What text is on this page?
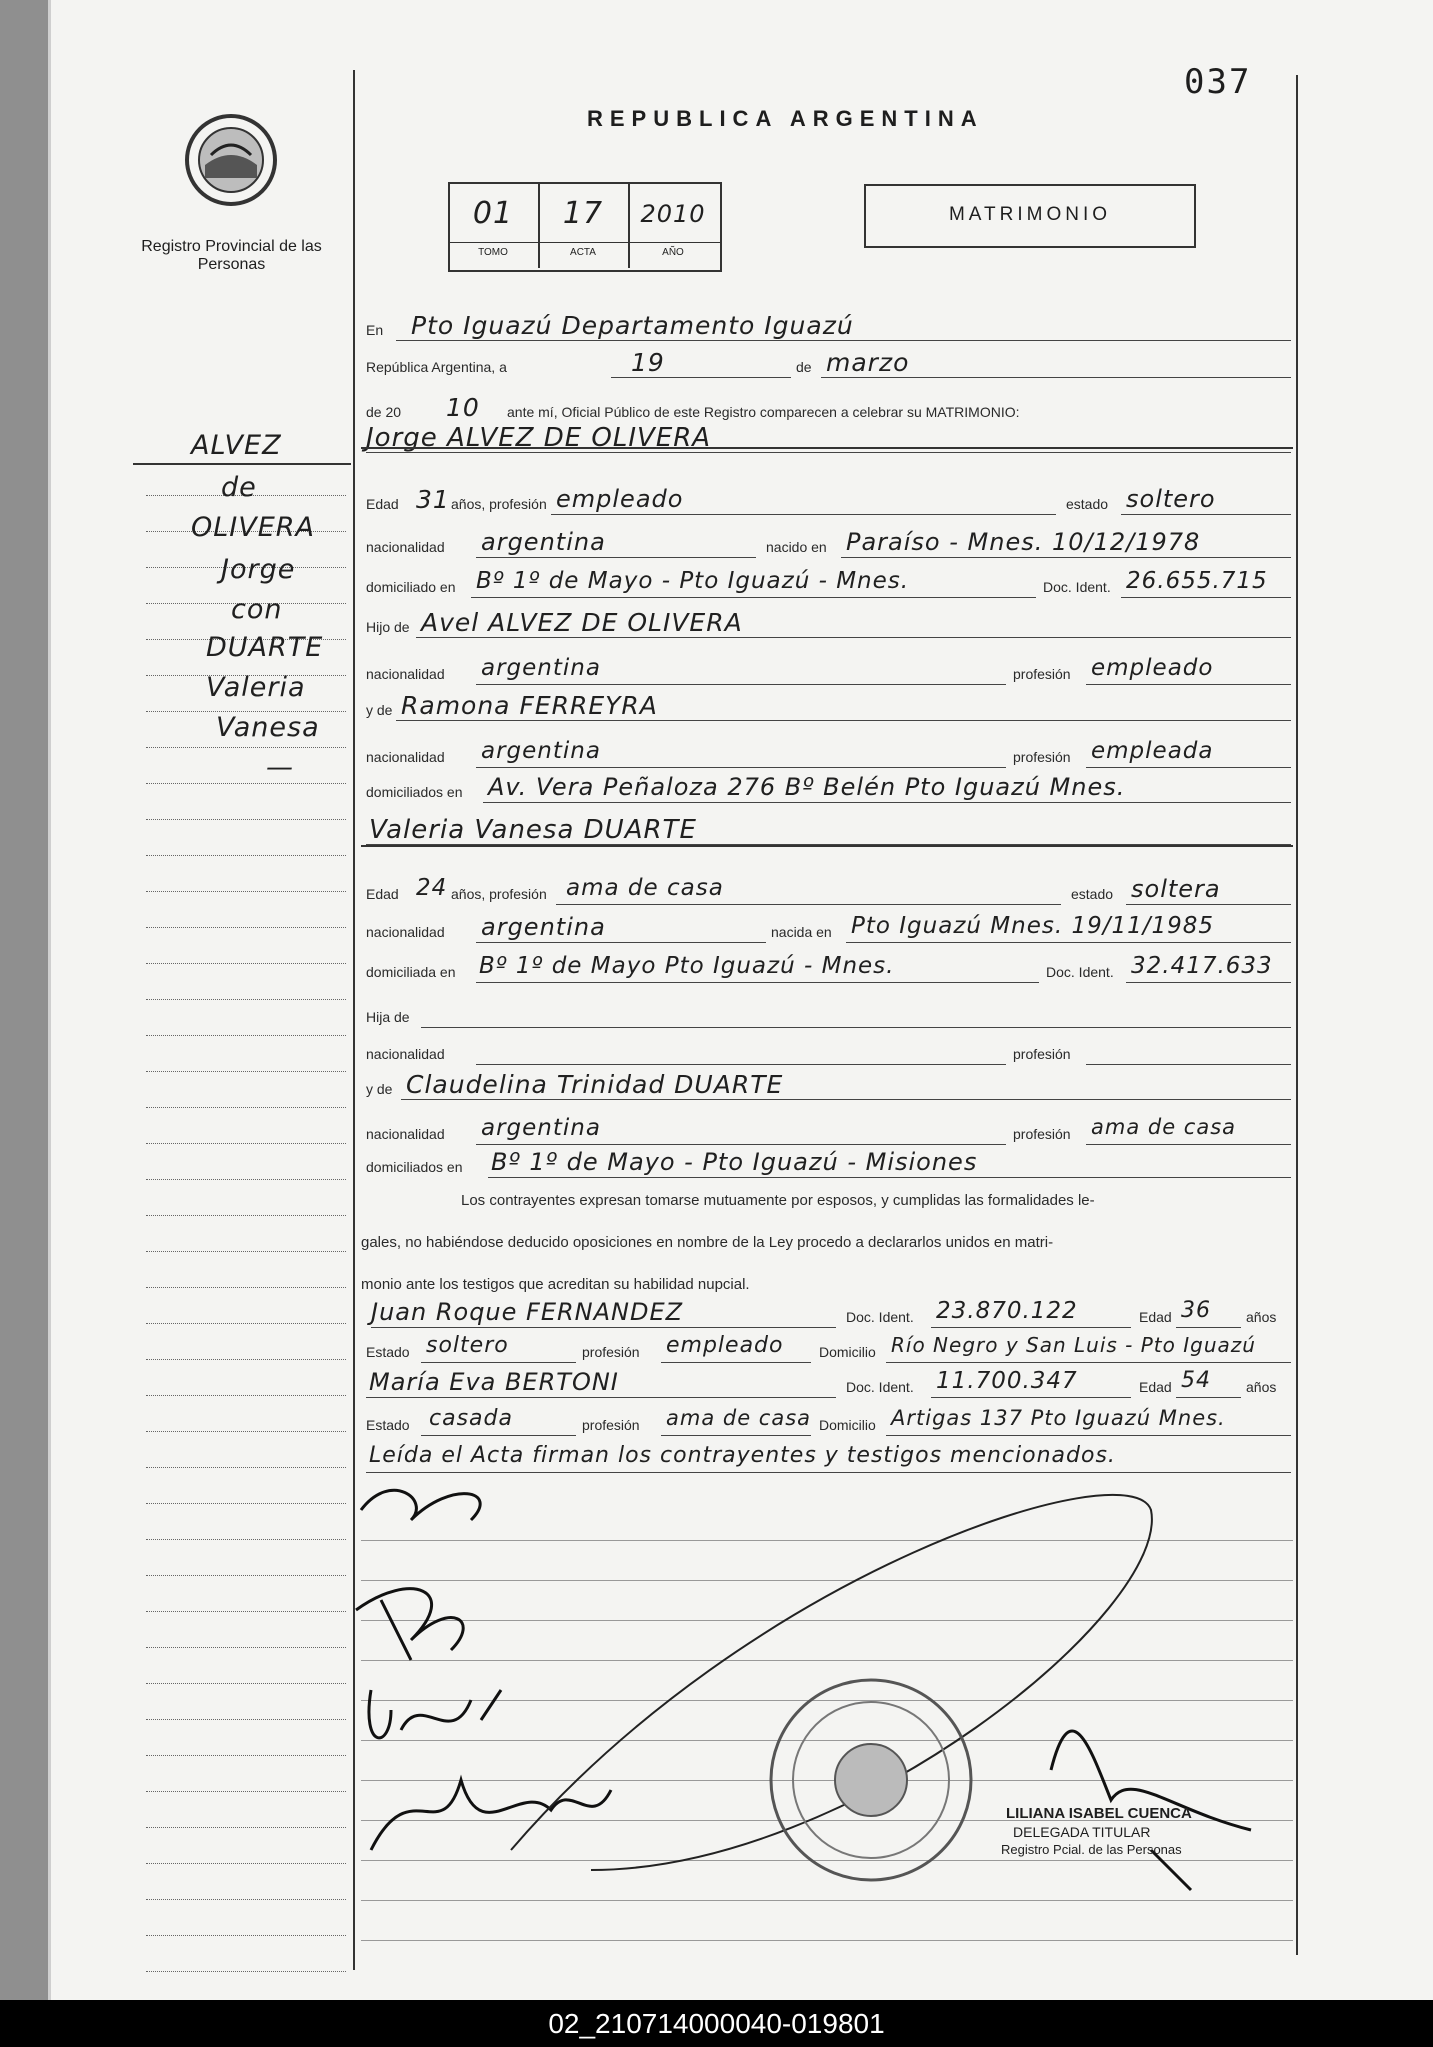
Registro Provincial de las Personas
037
REPUBLICA ARGENTINA
01	17	2010
TOMO	ACTA	AÑO
MATRIMONIO
ALVEZ
de
OLIVERA
Jorge
con
DUARTE
Valeria
Vanesa
—
En Pto Iguazú Departamento Iguazú
República Argentina, a	19	de marzo
de 20 10 ante mí, Oficial Público de este Registro comparecen a celebrar su MATRIMONIO:
Jorge ALVEZ DE OLIVERA
Edad 31 años, profesión empleado	estado soltero
nacionalidad argentina	nacido en Paraíso - Mnes. 10/12/1978
domiciliado en Bº 1º de Mayo - Pto Iguazú - Mnes.	Doc. Ident. 26.655.715
Hijo de Avel ALVEZ DE OLIVERA
nacionalidad argentina	profesión empleado
y de Ramona FERREYRA
nacionalidad argentina	profesión empleada
domiciliados en Av. Vera Peñaloza 276 Bº Belén Pto Iguazú Mnes.
Valeria Vanesa DUARTE
Edad 24 años, profesión ama de casa	estado soltera
nacionalidad argentina	nacida en Pto Iguazú Mnes. 19/11/1985
domiciliada en Bº 1º de Mayo Pto Iguazú - Mnes.	Doc. Ident. 32.417.633
Hija de
nacionalidad	profesión
y de Claudelina Trinidad DUARTE
nacionalidad argentina	profesión ama de casa
domiciliados en Bº 1º de Mayo - Pto Iguazú - Misiones
Juan Roque FERNANDEZ	Doc. Ident. 23.870.122	Edad 36	años
Estado soltero	profesión empleado	Domicilio Río Negro y San Luis - Pto Iguazú
María Eva BERTONI	Doc. Ident. 11.700.347	Edad 54	años
Estado casada	profesión ama de casa Domicilio Artigas 137 Pto Iguazú Mnes.
Leída el Acta firman los contrayentes y testigos mencionados.
Los contrayentes expresan tomarse mutuamente por esposos, y cumplidas las formalidades le-
gales, no habiéndose deducido oposiciones en nombre de la Ley procedo a declararlos unidos en matri-
monio ante los testigos que acreditan su habilidad nupcial.
LILIANA ISABEL CUENCA
DELEGADA TITULAR
Registro Pcial. de las Personas
02_210714000040-019801
